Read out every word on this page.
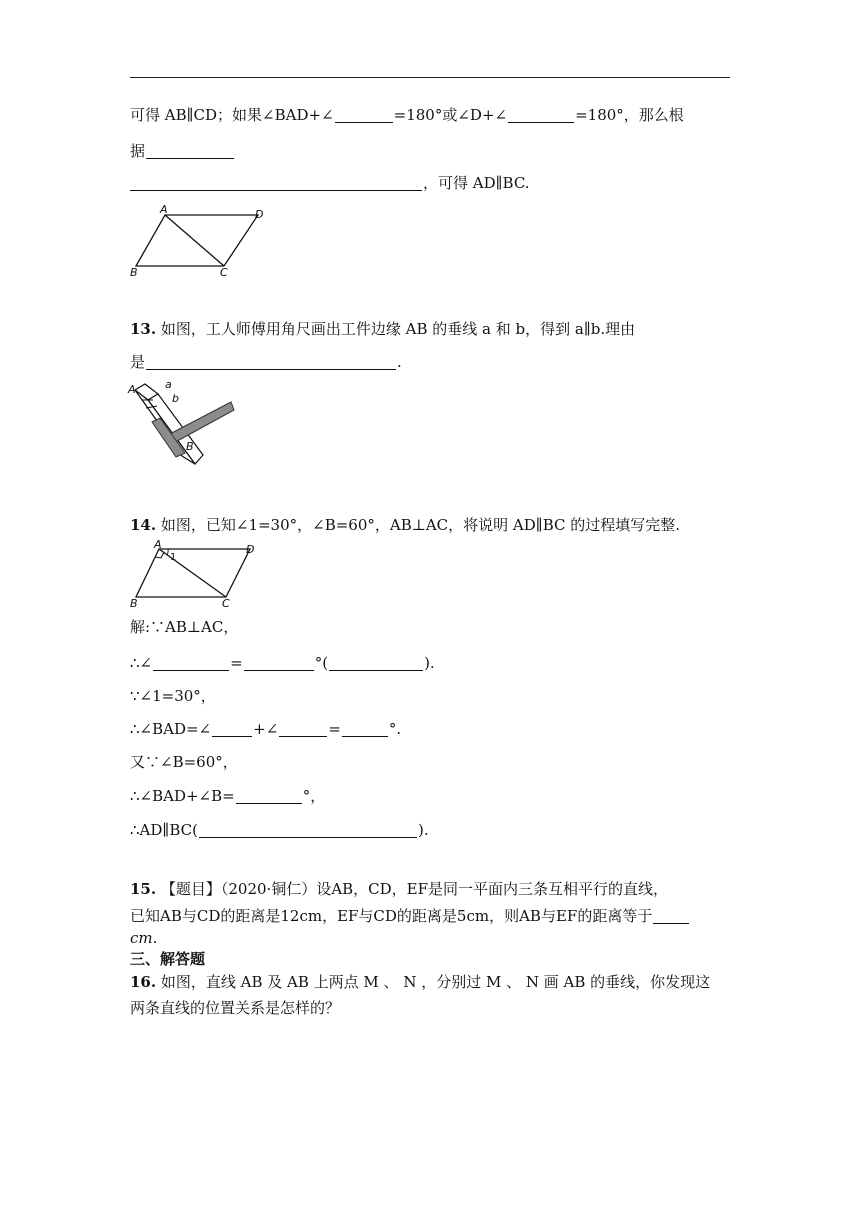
可得 AB∥CD；如果∠BAD+∠	=180°或∠D+∠	=180°，那么根
据
，可得 AD∥BC.
A	D
B	C
13. 如图，工人师傅用角尺画出工件边缘 AB 的垂线 a 和 b，得到 a∥b.理由
是	.
A	a
b
B
14. 如图，已知∠1=30°，∠B=60°，AB⊥AC，将说明 AD∥BC 的过程填写完整.
A	D
B	C
1
解:∵AB⊥AC，
∴∠	=	°(	).
∵∠1=30°，
∴∠BAD=∠	+∠	=	°.
又∵∠B=60°，
∴∠BAD+∠B=	°，
∴AD∥BC(	).
15. 【题目】（2020·铜仁）设AB，CD，EF是同一平面内三条互相平行的直线，
已知AB与CD的距离是12cm，EF与CD的距离是5cm，则AB与EF的距离等于
cm.
三、解答题
16. 如图，直线 AB 及 AB 上两点 M 、 N ，分别过 M 、 N 画 AB 的垂线，你发现这
两条直线的位置关系是怎样的？
